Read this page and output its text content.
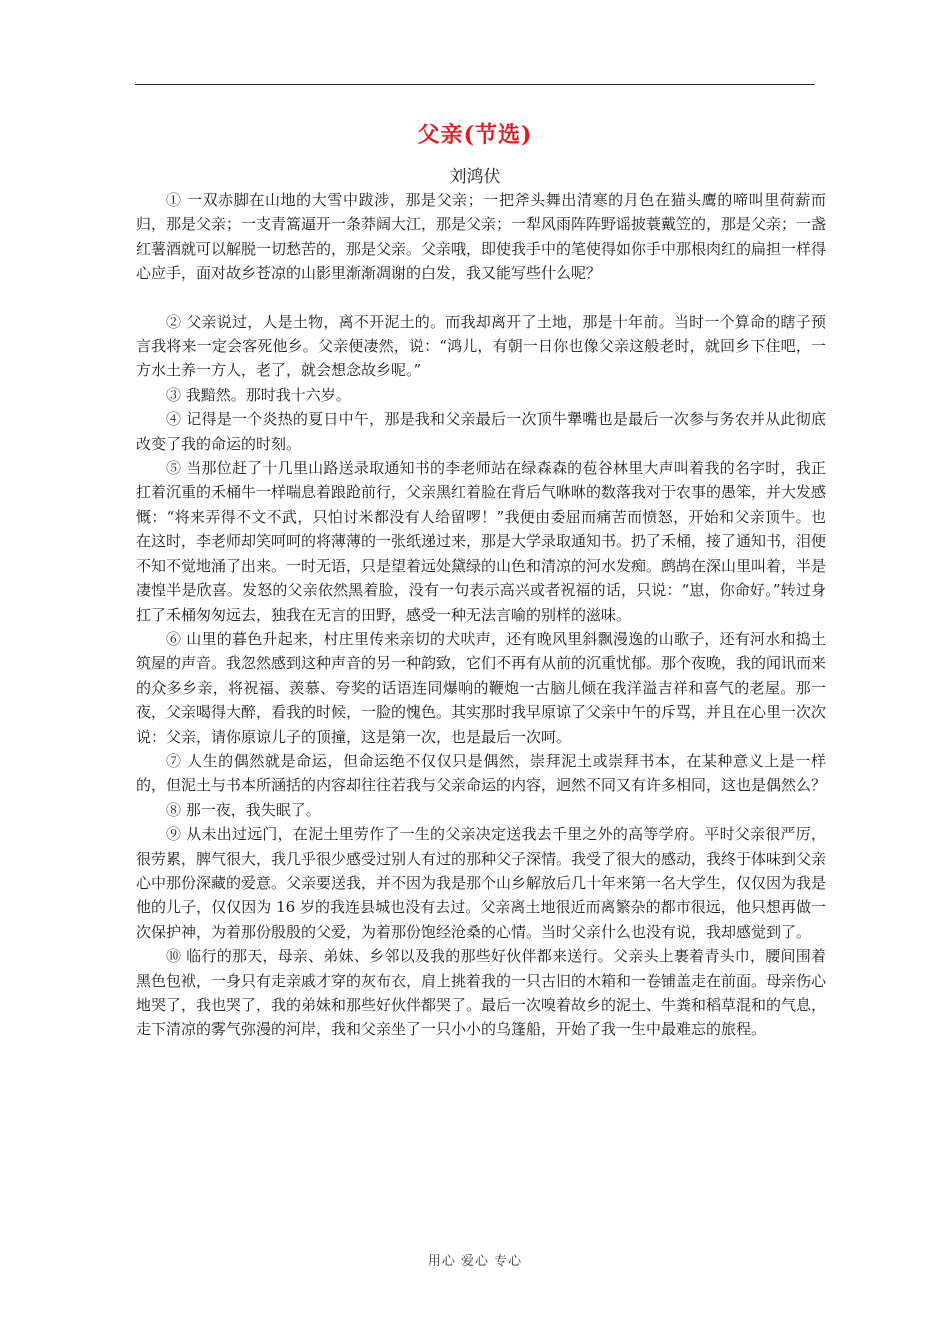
父亲(节选)
刘鸿伏

① 一双赤脚在山地的大雪中跋涉，那是父亲；一把斧头舞出清寒的月色在猫头鹰的啼叫里荷薪而归，那是父亲；一支青篙逼开一条莽阔大江，那是父亲；一犁风雨阵阵野谣披蓑戴笠的，那是父亲；一盏红薯酒就可以解脱一切愁苦的，那是父亲。父亲哦，即使我手中的笔使得如你手中那根肉红的扁担一样得心应手，面对故乡苍凉的山影里渐渐凋谢的白发，我又能写些什么呢？

② 父亲说过，人是土物，离不开泥土的。而我却离开了土地，那是十年前。当时一个算命的瞎子预言我将来一定会客死他乡。父亲便凄然，说：“鸿儿，有朝一日你也像父亲这般老时，就回乡下住吧，一方水土养一方人，老了，就会想念故乡呢。”

③ 我黯然。那时我十六岁。

④ 记得是一个炎热的夏日中午，那是我和父亲最后一次顶牛犟嘴也是最后一次参与务农并从此彻底改变了我的命运的时刻。

⑤ 当那位赶了十几里山路送录取通知书的李老师站在绿森森的苞谷林里大声叫着我的名字时，我正扛着沉重的禾桶牛一样喘息着踉跄前行，父亲黑红着脸在背后气咻咻的数落我对于农事的愚笨，并大发感慨：“将来弄得不文不武，只怕讨米都没有人给留啰！”我便由委屈而痛苦而愤怒，开始和父亲顶牛。也在这时，李老师却笑呵呵的将薄薄的一张纸递过来，那是大学录取通知书。扔了禾桶，接了通知书，泪便不知不觉地涌了出来。一时无语，只是望着远处黛绿的山色和清凉的河水发痴。鹧鸪在深山里叫着，半是凄惶半是欣喜。发怒的父亲依然黑着脸，没有一句表示高兴或者祝福的话，只说：“崽，你命好。”转过身扛了禾桶匆匆远去，独我在无言的田野，感受一种无法言喻的别样的滋味。

⑥ 山里的暮色升起来，村庄里传来亲切的犬吠声，还有晚风里斜飘漫逸的山歌子，还有河水和捣土筑屋的声音。我忽然感到这种声音的另一种韵致，它们不再有从前的沉重忧郁。那个夜晚，我的闻讯而来的众多乡亲，将祝福、羡慕、夸奖的话语连同爆响的鞭炮一古脑儿倾在我洋溢吉祥和喜气的老屋。那一夜，父亲喝得大醉，看我的时候，一脸的愧色。其实那时我早原谅了父亲中午的斥骂，并且在心里一次次说：父亲，请你原谅儿子的顶撞，这是第一次，也是最后一次呵。

⑦ 人生的偶然就是命运，但命运绝不仅仅只是偶然，崇拜泥土或崇拜书本，在某种意义上是一样的，但泥土与书本所涵括的内容却往往若我与父亲命运的内容，迥然不同又有许多相同，这也是偶然么？

⑧ 那一夜，我失眠了。

⑨ 从未出过远门，在泥土里劳作了一生的父亲决定送我去千里之外的高等学府。平时父亲很严厉，很劳累，脾气很大，我几乎很少感受过别人有过的那种父子深情。我受了很大的感动，我终于体味到父亲心中那份深藏的爱意。父亲要送我，并不因为我是那个山乡解放后几十年来第一名大学生，仅仅因为我是他的儿子，仅仅因为 16 岁的我连县城也没有去过。父亲离土地很近而离繁杂的都市很远，他只想再做一次保护神，为着那份殷殷的父爱，为着那份饱经沧桑的心情。当时父亲什么也没有说，我却感觉到了。

⑩ 临行的那天，母亲、弟妹、乡邻以及我的那些好伙伴都来送行。父亲头上裹着青头巾，腰间围着黑色包袱，一身只有走亲戚才穿的灰布衣，肩上挑着我的一只古旧的木箱和一卷铺盖走在前面。母亲伤心地哭了，我也哭了，我的弟妹和那些好伙伴都哭了。最后一次嗅着故乡的泥土、牛粪和稻草混和的气息，走下清凉的雾气弥漫的河岸，我和父亲坐了一只小小的乌篷船，开始了我一生中最难忘的旅程。

用心 爱心 专心
